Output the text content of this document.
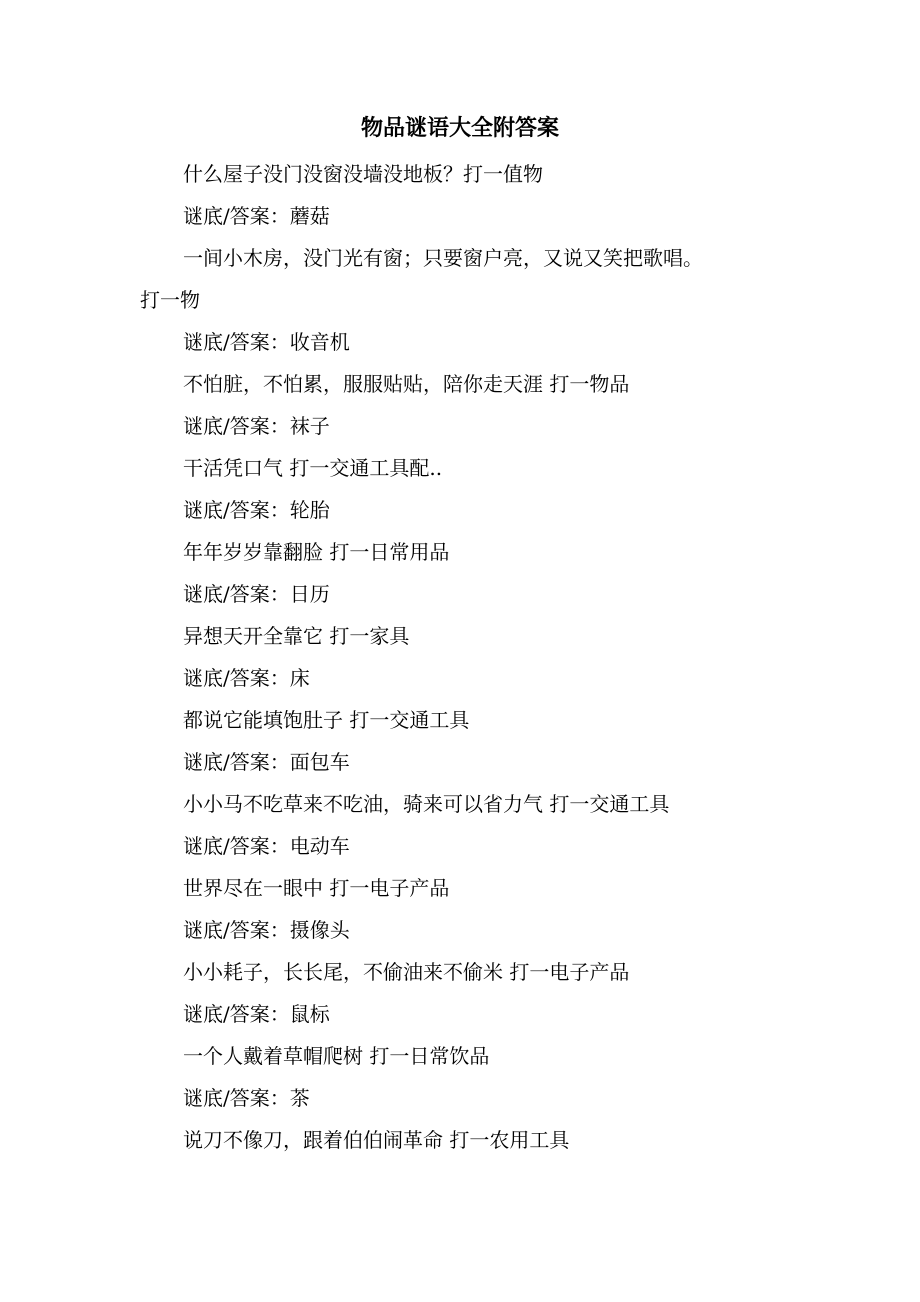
物品谜语大全附答案
什么屋子没门没窗没墙没地板？打一值物
谜底/答案：蘑菇
一间小木房，没门光有窗；只要窗户亮，又说又笑把歌唱。
打一物
谜底/答案：收音机
不怕脏，不怕累，服服贴贴，陪你走天涯 打一物品
谜底/答案：袜子
干活凭口气 打一交通工具配..
谜底/答案：轮胎
年年岁岁靠翻脸 打一日常用品
谜底/答案：日历
异想天开全靠它 打一家具
谜底/答案：床
都说它能填饱肚子 打一交通工具
谜底/答案：面包车
小小马不吃草来不吃油，骑来可以省力气 打一交通工具
谜底/答案：电动车
世界尽在一眼中 打一电子产品
谜底/答案：摄像头
小小耗子，长长尾，不偷油来不偷米 打一电子产品
谜底/答案：鼠标
一个人戴着草帽爬树 打一日常饮品
谜底/答案：茶
说刀不像刀，跟着伯伯闹革命 打一农用工具
